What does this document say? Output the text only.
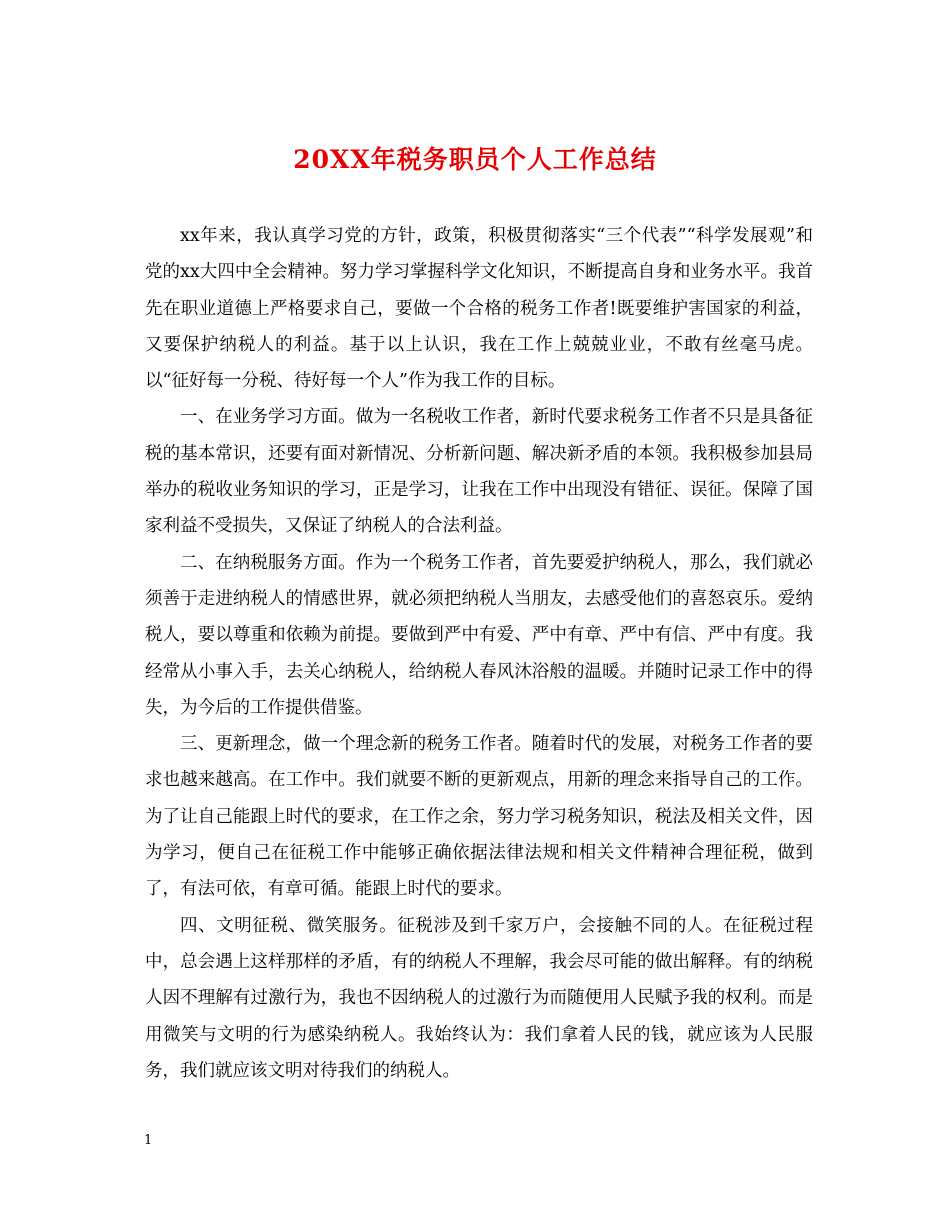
20XX年税务职员个人工作总结

xx年来，我认真学习党的方针，政策，积极贯彻落实“三个代表”“科学发展观”和党的xx大四中全会精神。努力学习掌握科学文化知识，不断提高自身和业务水平。我首先在职业道德上严格要求自己，要做一个合格的税务工作者!既要维护害国家的利益，又要保护纳税人的利益。基于以上认识，我在工作上兢兢业业，不敢有丝毫马虎。以“征好每一分税、待好每一个人”作为我工作的目标。

一、在业务学习方面。做为一名税收工作者，新时代要求税务工作者不只是具备征税的基本常识，还要有面对新情况、分析新问题、解决新矛盾的本领。我积极参加县局举办的税收业务知识的学习，正是学习，让我在工作中出现没有错征、误征。保障了国家利益不受损失，又保证了纳税人的合法利益。

二、在纳税服务方面。作为一个税务工作者，首先要爱护纳税人，那么，我们就必须善于走进纳税人的情感世界，就必须把纳税人当朋友，去感受他们的喜怒哀乐。爱纳税人，要以尊重和依赖为前提。要做到严中有爱、严中有章、严中有信、严中有度。我经常从小事入手，去关心纳税人，给纳税人春风沐浴般的温暖。并随时记录工作中的得失，为今后的工作提供借鉴。

三、更新理念，做一个理念新的税务工作者。随着时代的发展，对税务工作者的要求也越来越高。在工作中。我们就要不断的更新观点，用新的理念来指导自己的工作。为了让自己能跟上时代的要求，在工作之余，努力学习税务知识，税法及相关文件，因为学习，便自己在征税工作中能够正确依据法律法规和相关文件精神合理征税，做到了，有法可依，有章可循。能跟上时代的要求。

四、文明征税、微笑服务。征税涉及到千家万户，会接触不同的人。在征税过程中，总会遇上这样那样的矛盾，有的纳税人不理解，我会尽可能的做出解释。有的纳税人因不理解有过激行为，我也不因纳税人的过激行为而随便用人民赋予我的权利。而是用微笑与文明的行为感染纳税人。我始终认为：我们拿着人民的钱，就应该为人民服务，我们就应该文明对待我们的纳税人。

1
